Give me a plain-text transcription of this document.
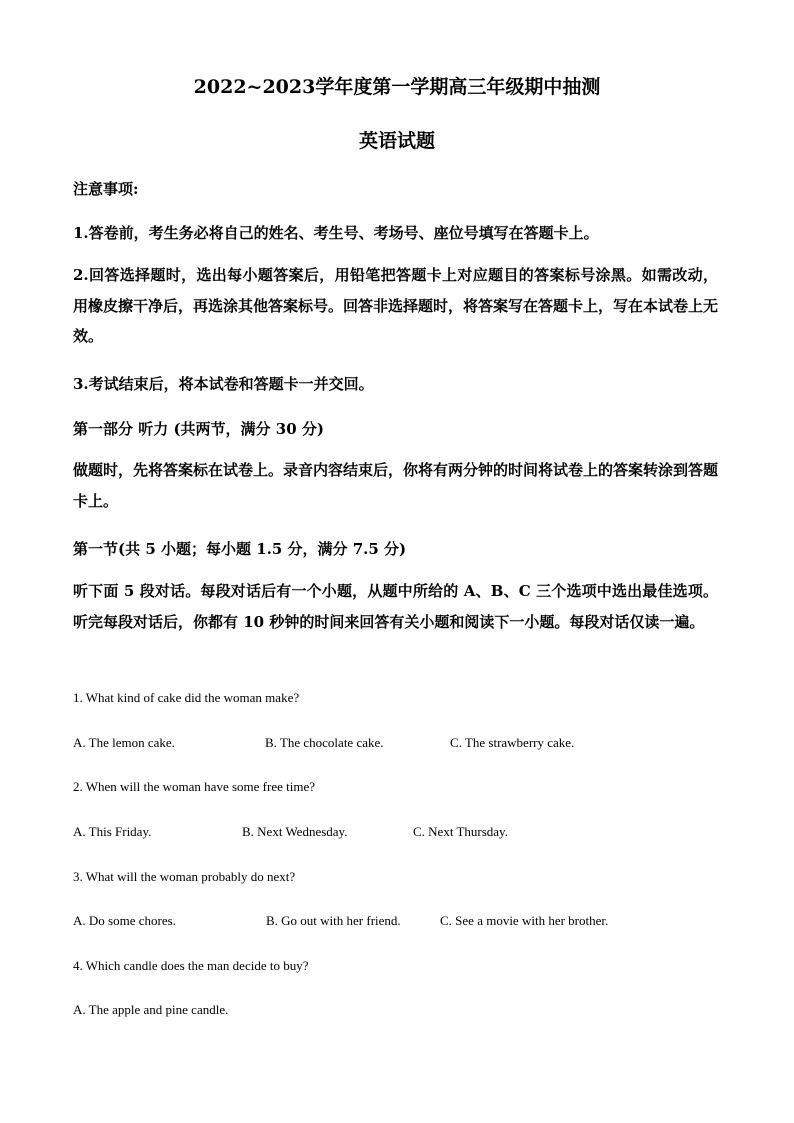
2022~2023学年度第一学期高三年级期中抽测
英语试题
注意事项:
1.答卷前，考生务必将自己的姓名、考生号、考场号、座位号填写在答题卡上。
2.回答选择题时，选出每小题答案后，用铅笔把答题卡上对应题目的答案标号涂黑。如需改动，用橡皮擦干净后，再选涂其他答案标号。回答非选择题时，将答案写在答题卡上，写在本试卷上无效。
3.考试结束后，将本试卷和答题卡一并交回。
第一部分 听力 (共两节，满分 30 分)
做题时，先将答案标在试卷上。录音内容结束后，你将有两分钟的时间将试卷上的答案转涂到答题卡上。
第一节(共 5 小题；每小题 1.5 分，满分 7.5 分)
听下面 5 段对话。每段对话后有一个小题，从题中所给的 A、B、C 三个选项中选出最佳选项。听完每段对话后，你都有 10 秒钟的时间来回答有关小题和阅读下一小题。每段对话仅读一遍。
1. What kind of cake did the woman make?
A. The lemon cake.	B. The chocolate cake.	C. The strawberry cake.
2. When will the woman have some free time?
A. This Friday.	B. Next Wednesday.	C. Next Thursday.
3. What will the woman probably do next?
A. Do some chores.	B. Go out with her friend.	C. See a movie with her brother.
4. Which candle does the man decide to buy?
A. The apple and pine candle.
